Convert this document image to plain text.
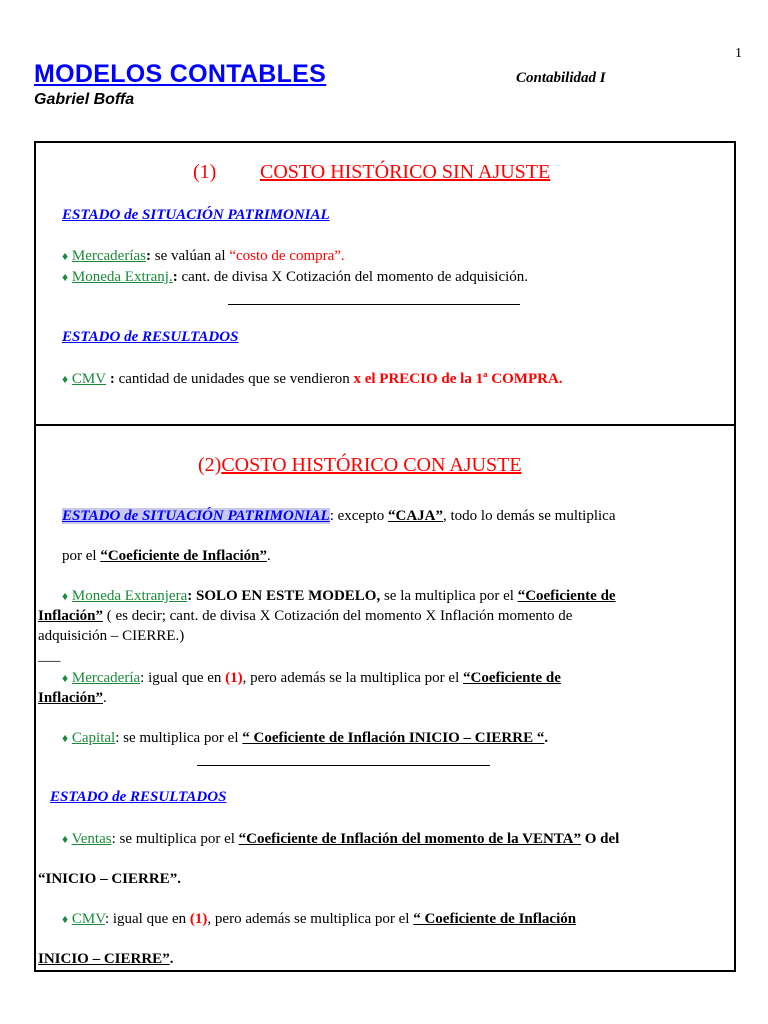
1
MODELOS CONTABLES	Contabilidad I
Gabriel Boffa
(1) COSTO HISTÓRICO SIN AJUSTE
ESTADO de SITUACIÓN PATRIMONIAL
♦ Mercaderías: se valúan al “costo de compra”.
♦ Moneda Extranj.: cant. de divisa X Cotización del momento de adquisición.
ESTADO de RESULTADOS
♦ CMV : cantidad de unidades que se vendieron x el PRECIO de la 1ª COMPRA.
(2)COSTO HISTÓRICO CON AJUSTE
ESTADO de SITUACIÓN PATRIMONIAL: excepto “CAJA”, todo lo demás se multiplica
por el “Coeficiente de Inflación”.
♦ Moneda Extranjera: SOLO EN ESTE MODELO, se la multiplica por el “Coeficiente de
Inflación” ( es decir; cant. de divisa X Cotización del momento X Inflación momento de
adquisición – CIERRE.)
___
♦ Mercadería: igual que en (1), pero además se la multiplica por el “Coeficiente de
Inflación”.
♦ Capital: se multiplica por el “ Coeficiente de Inflación INICIO – CIERRE “.
ESTADO de RESULTADOS
♦ Ventas: se multiplica por el “Coeficiente de Inflación del momento de la VENTA” O del
“INICIO – CIERRE”.
♦ CMV: igual que en (1), pero además se multiplica por el “ Coeficiente de Inflación
INICIO – CIERRE”.
